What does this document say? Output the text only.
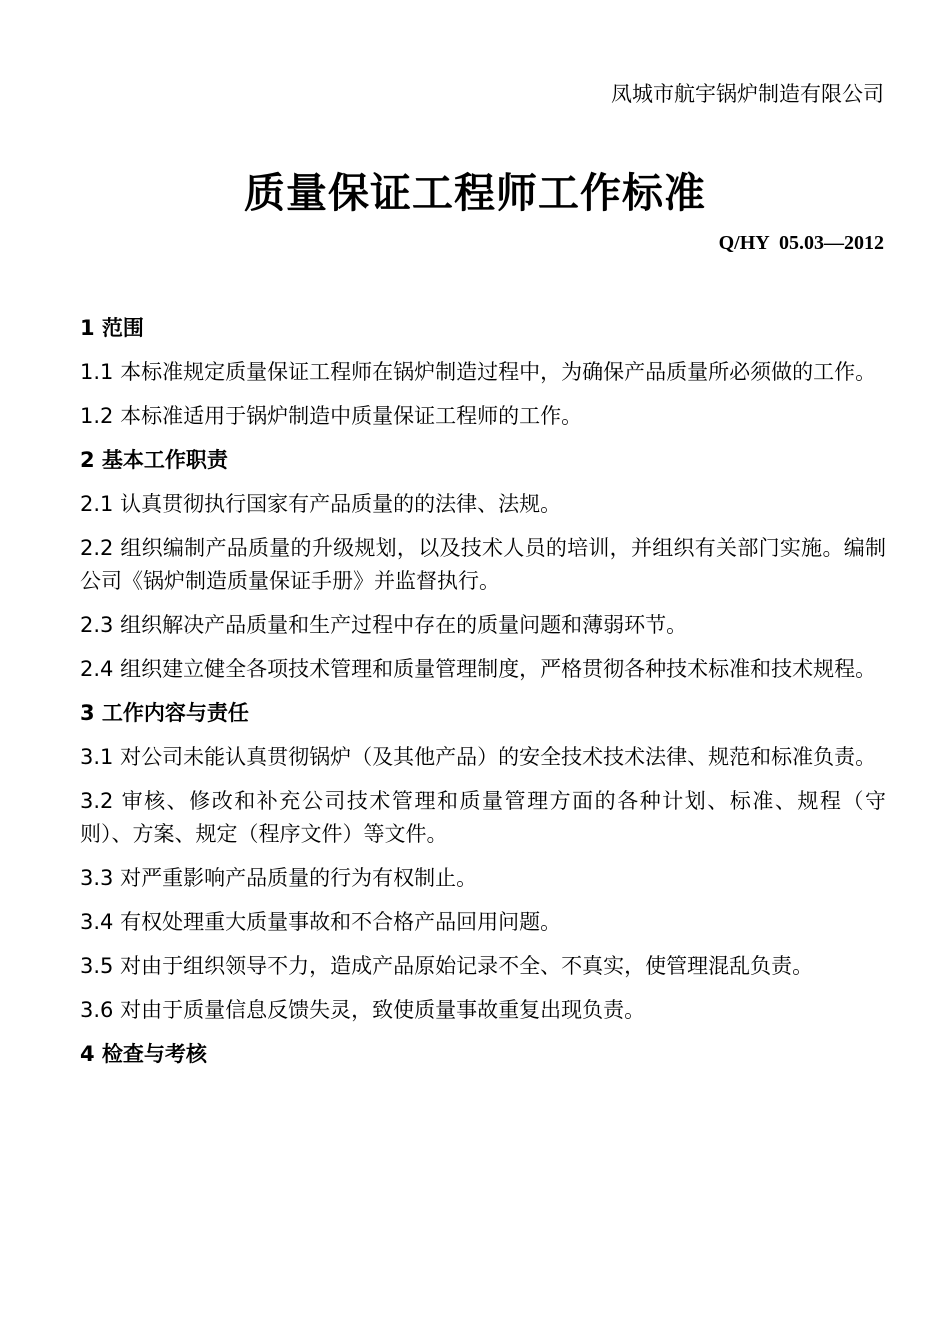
凤城市航宇锅炉制造有限公司
质量保证工程师工作标准
Q/HY  05.03—2012

1 范围

1.1 本标准规定质量保证工程师在锅炉制造过程中，为确保产品质量所必须做的工作。

1.2 本标准适用于锅炉制造中质量保证工程师的工作。

2 基本工作职责

2.1 认真贯彻执行国家有产品质量的的法律、法规。

2.2 组织编制产品质量的升级规划，以及技术人员的培训，并组织有关部门实施。编制公司《锅炉制造质量保证手册》并监督执行。

2.3 组织解决产品质量和生产过程中存在的质量问题和薄弱环节。

2.4 组织建立健全各项技术管理和质量管理制度，严格贯彻各种技术标准和技术规程。

3 工作内容与责任

3.1 对公司未能认真贯彻锅炉（及其他产品）的安全技术技术法律、规范和标准负责。

3.2 审核、修改和补充公司技术管理和质量管理方面的各种计划、标准、规程（守则）、方案、规定（程序文件）等文件。

3.3 对严重影响产品质量的行为有权制止。

3.4 有权处理重大质量事故和不合格产品回用问题。

3.5 对由于组织领导不力，造成产品原始记录不全、不真实，使管理混乱负责。

3.6 对由于质量信息反馈失灵，致使质量事故重复出现负责。

4 检查与考核
